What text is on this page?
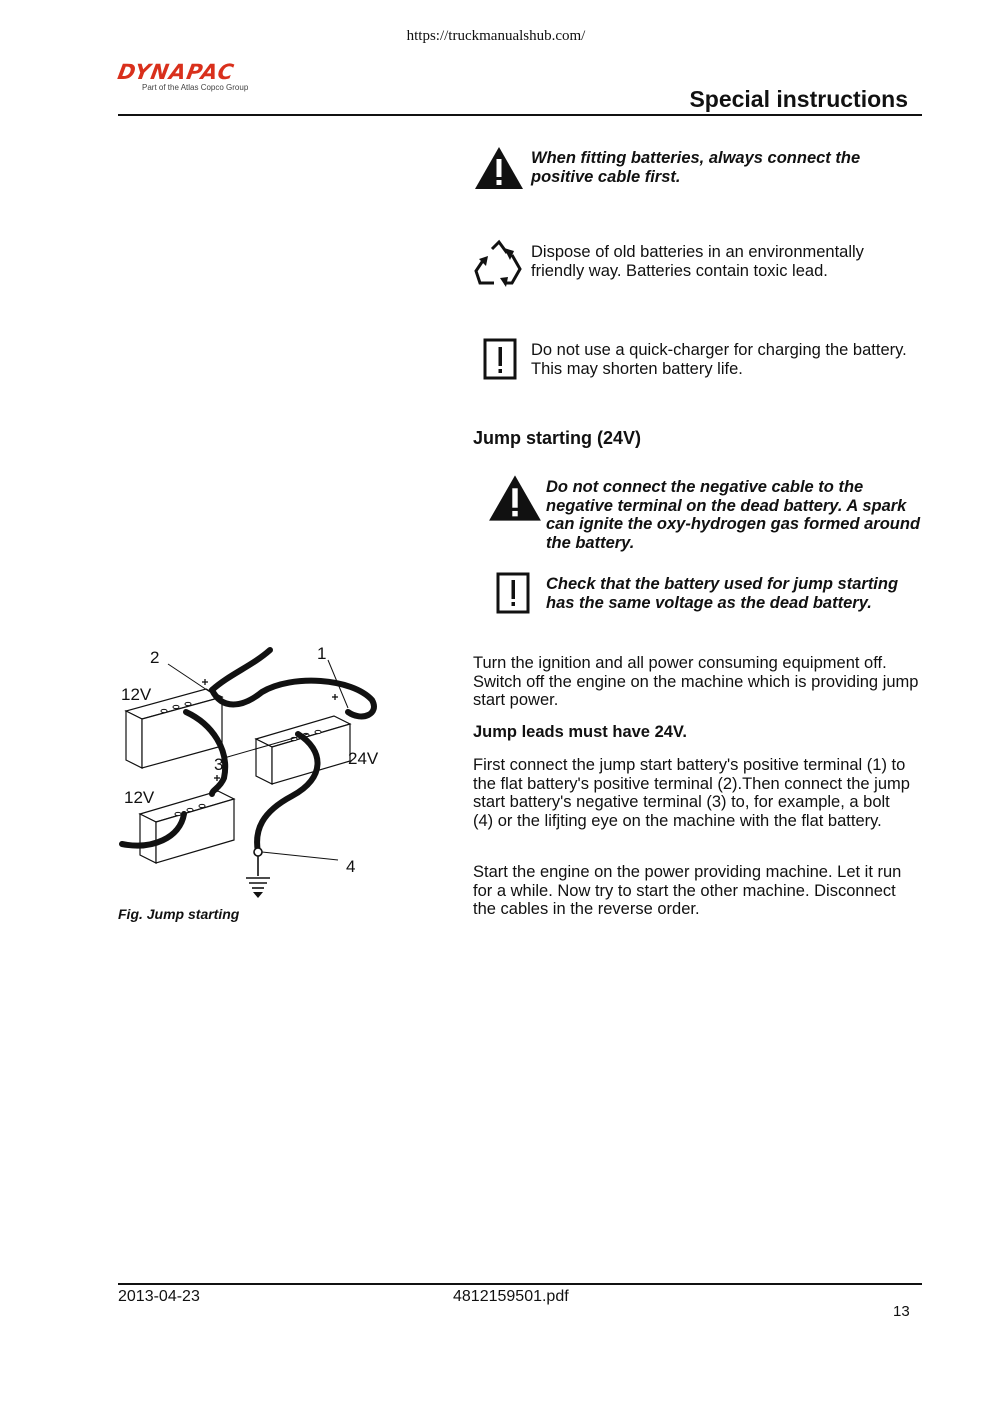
https://truckmanualshub.com/
DYNAPAC
Part of the Atlas Copco Group	Special instructions
When fitting batteries, always connect the positive cable first.
Dispose of old batteries in an environmentally friendly way. Batteries contain toxic lead.
Do not use a quick-charger for charging the battery. This may shorten battery life.
Jump starting (24V)
Do not connect the negative cable to the negative terminal on the dead battery. A spark can ignite the oxy-hydrogen gas formed around the battery.
Check that the battery used for jump starting has the same voltage as the dead battery.
Turn the ignition and all power consuming equipment off. Switch off the engine on the machine which is providing jump start power.
Jump leads must have 24V.
First connect the jump start battery's positive terminal (1) to the flat battery's positive terminal (2).Then connect the jump start battery's negative terminal (3) to, for example, a bolt (4) or the lifjting eye on the machine with the flat battery.
Start the engine on the power providing machine. Let it run for a while. Now try to start the other machine. Disconnect the cables in the reverse order.
2	1
12V
3	24V
12V
4
Fig. Jump starting
2013-04-23	4812159501.pdf
13
